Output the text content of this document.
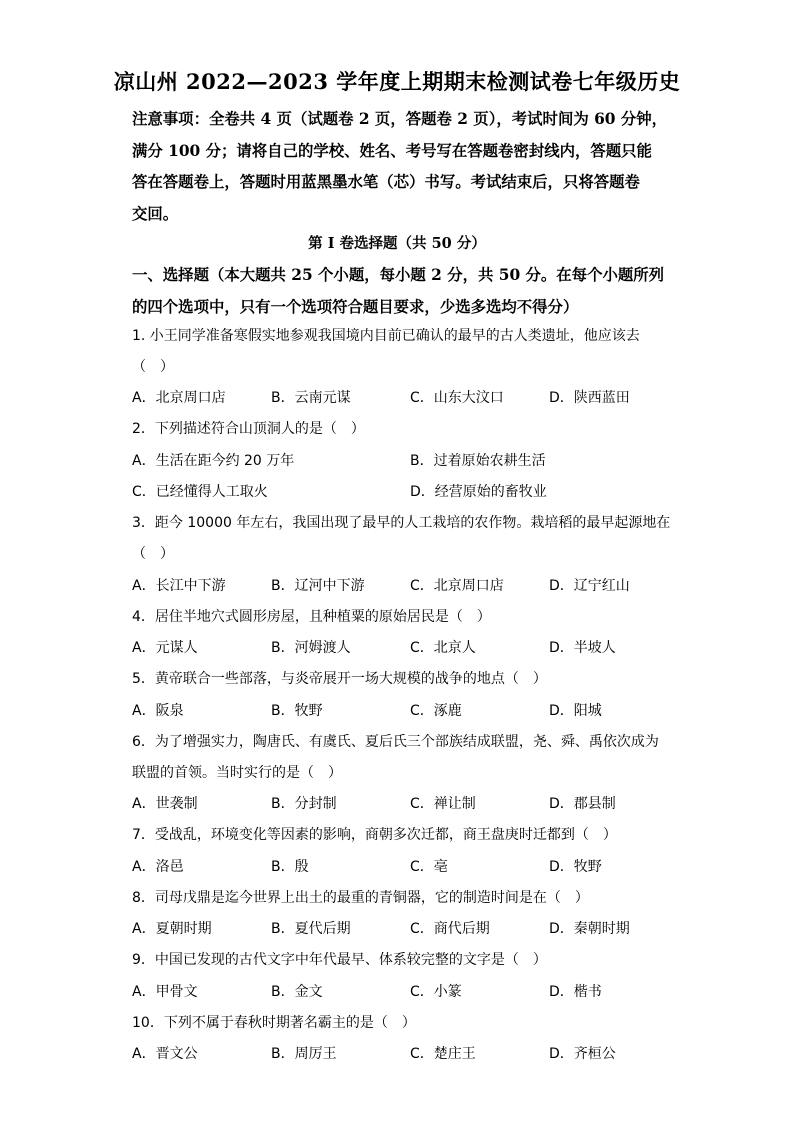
凉山州 2022—2023 学年度上期期末检测试卷七年级历史
注意事项：全卷共 4 页（试题卷 2 页，答题卷 2 页），考试时间为 60 分钟，
满分 100 分；请将自己的学校、姓名、考号写在答题卷密封线内，答题只能
答在答题卷上，答题时用蓝黑墨水笔（芯）书写。考试结束后，只将答题卷
交回。
第 I 卷选择题（共 50 分）
一、选择题（本大题共 25 个小题，每小题 2 分，共 50 分。在每个小题所列
的四个选项中，只有一个选项符合题目要求，少选多选均不得分）
1. 小王同学准备寒假实地参观我国境内目前已确认的最早的古人类遗址，他应该去
（　）
A．北京周口店	B．云南元谋	C．山东大汶口	D．陕西蓝田
2．下列描述符合山顶洞人的是（　）
A．生活在距今约 20 万年	B．过着原始农耕生活
C．已经懂得人工取火	D．经营原始的畜牧业
3．距今 10000 年左右，我国出现了最早的人工栽培的农作物。栽培稻的最早起源地在
（　）
A．长江中下游	B．辽河中下游	C．北京周口店	D．辽宁红山
4．居住半地穴式圆形房屋，且种植粟的原始居民是（　）
A．元谋人	B．河姆渡人	C．北京人	D．半坡人
5．黄帝联合一些部落，与炎帝展开一场大规模的战争的地点（　）
A．阪泉	B．牧野	C．涿鹿	D．阳城
6．为了增强实力，陶唐氏、有虞氏、夏后氏三个部族结成联盟，尧、舜、禹依次成为
联盟的首领。当时实行的是（　）
A．世袭制	B．分封制	C．禅让制	D．郡县制
7．受战乱，环境变化等因素的影响，商朝多次迁都，商王盘庚时迁都到（　）
A．洛邑	B．殷	C．亳	D．牧野
8．司母戊鼎是迄今世界上出土的最重的青铜器，它的制造时间是在（　）
A．夏朝时期	B．夏代后期	C．商代后期	D．秦朝时期
9．中国已发现的古代文字中年代最早、体系较完整的文字是（　）
A．甲骨文	B．金文	C．小篆	D．楷书
10．下列不属于春秋时期著名霸主的是（　）
A．晋文公	B．周厉王	C．楚庄王	D．齐桓公
